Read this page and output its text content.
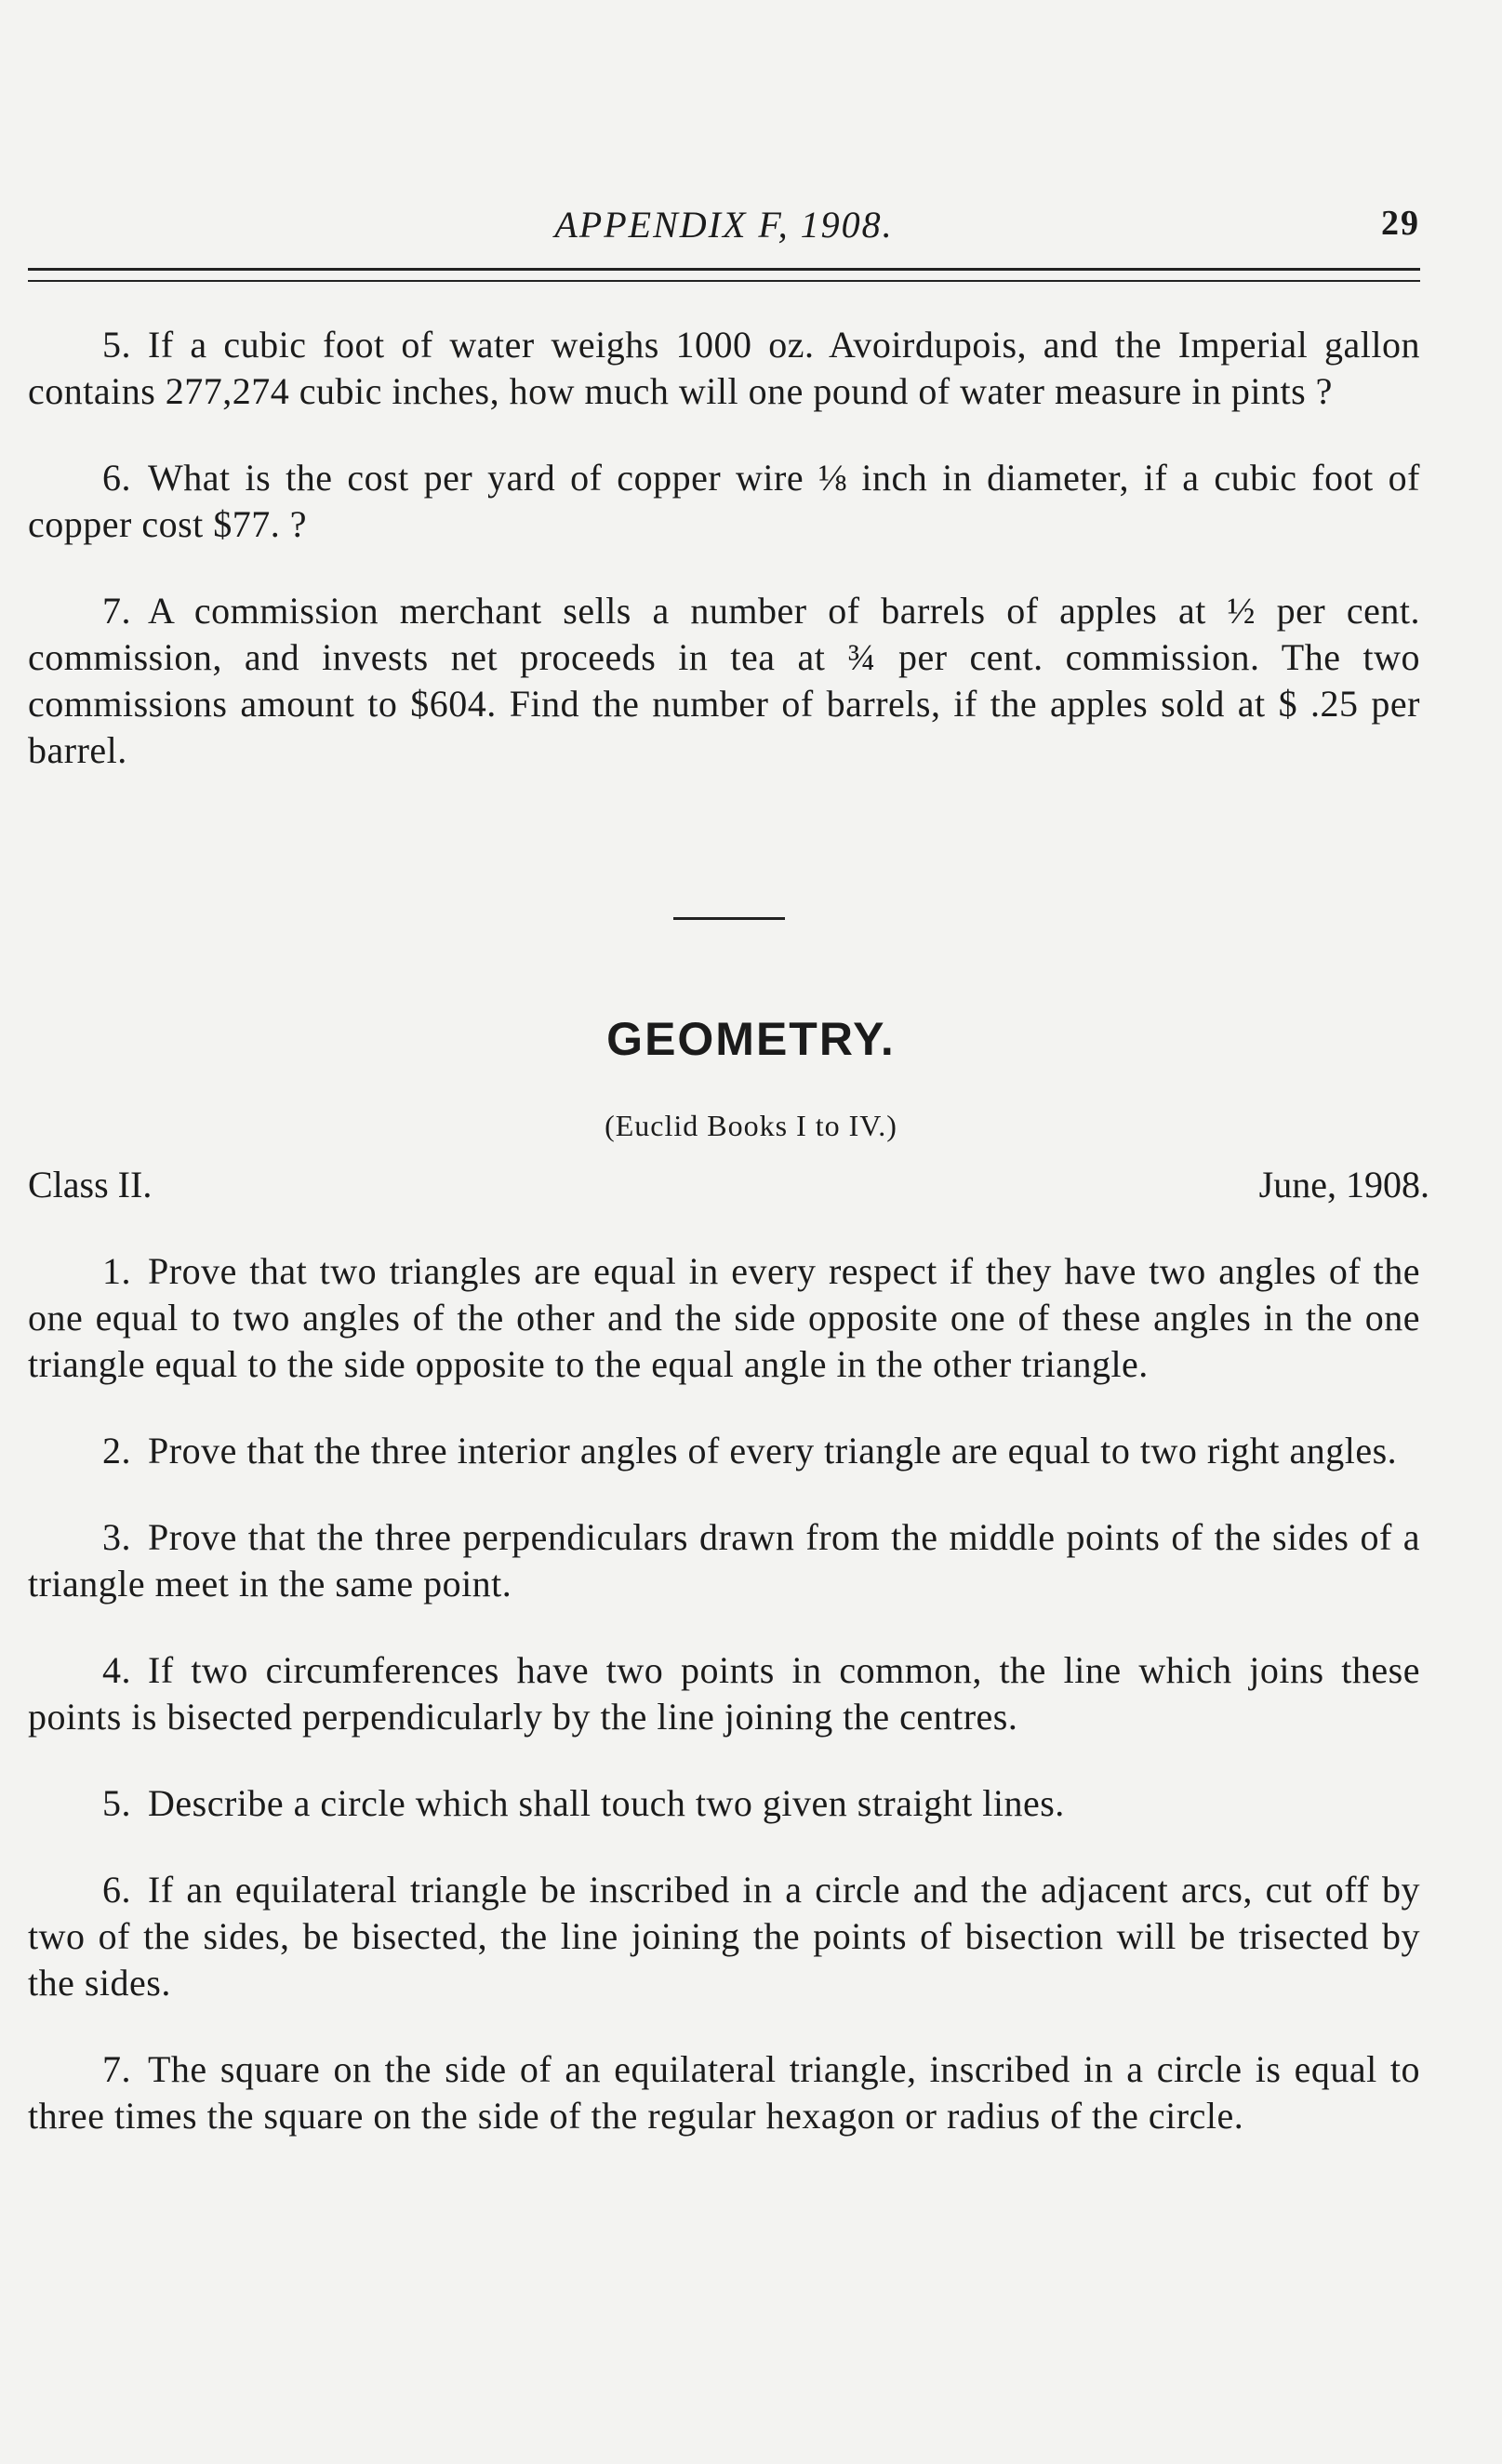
APPENDIX F, 1908.	29

5. If a cubic foot of water weighs 1000 oz. Avoirdupois, and the Imperial gallon contains 277,274 cubic inches, how much will one pound of water measure in pints ?

6. What is the cost per yard of copper wire ⅛ inch in diameter, if a cubic foot of copper cost $77. ?

7. A commission merchant sells a number of barrels of apples at ½ per cent. commission, and invests net proceeds in tea at ¾ per cent. commission. The two commissions amount to $604. Find the number of barrels, if the apples sold at $ .25 per barrel.

GEOMETRY.
(Euclid Books I to IV.)
Class II.	June, 1908.

1. Prove that two triangles are equal in every respect if they have two angles of the one equal to two angles of the other and the side opposite one of these angles in the one triangle equal to the side opposite to the equal angle in the other triangle.

2. Prove that the three interior angles of every triangle are equal to two right angles.

3. Prove that the three perpendiculars drawn from the middle points of the sides of a triangle meet in the same point.

4. If two circumferences have two points in common, the line which joins these points is bisected perpendicularly by the line joining the centres.

5. Describe a circle which shall touch two given straight lines.

6. If an equilateral triangle be inscribed in a circle and the adjacent arcs, cut off by two of the sides, be bisected, the line joining the points of bisection will be trisected by the sides.

7. The square on the side of an equilateral triangle, inscribed in a circle is equal to three times the square on the side of the regular hexagon or radius of the circle.
